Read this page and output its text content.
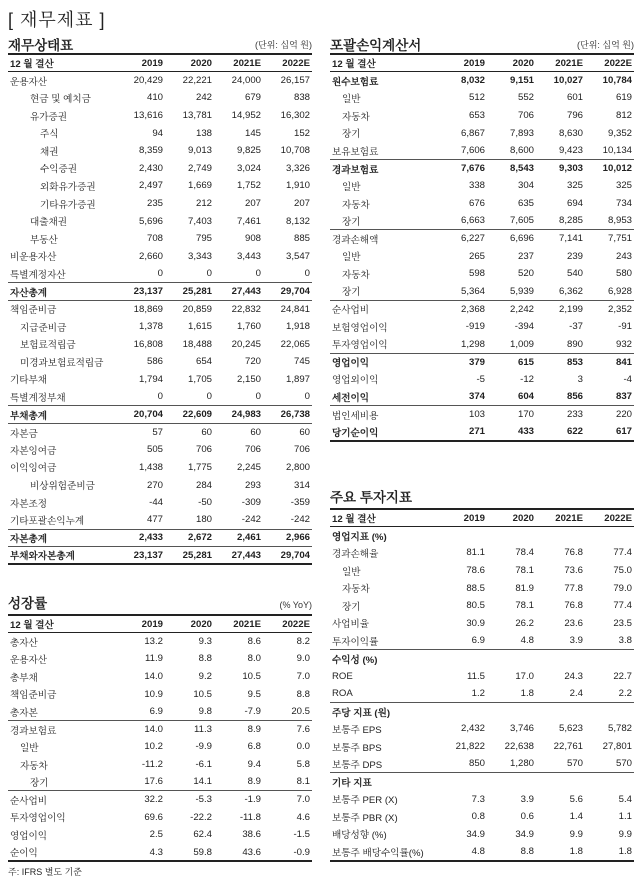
[ 재무제표 ]
재무상태표	(단위: 십억 원)
12 월 결산	2019	2020	2021E	2022E
운용자산	20,429	22,221	24,000	26,157
현금 및 예치금	410	242	679	838
유가증권	13,616	13,781	14,952	16,302
주식	94	138	145	152
채권	8,359	9,013	9,825	10,708
수익증권	2,430	2,749	3,024	3,326
외화유가증권	2,497	1,669	1,752	1,910
기타유가증권	235	212	207	207
대출채권	5,696	7,403	7,461	8,132
부동산	708	795	908	885
비운용자산	2,660	3,343	3,443	3,547
특별계정자산	0	0	0	0
자산총계	23,137	25,281	27,443	29,704
책임준비금	18,869	20,859	22,832	24,841
지급준비금	1,378	1,615	1,760	1,918
보험료적립금	16,808	18,488	20,245	22,065
미경과보험료적립금	586	654	720	745
기타부채	1,794	1,705	2,150	1,897
특별계정부채	0	0	0	0
부채총계	20,704	22,609	24,983	26,738
자본금	57	60	60	60
자본잉여금	505	706	706	706
이익잉여금	1,438	1,775	2,245	2,800
비상위험준비금	270	284	293	314
자본조정	-44	-50	-309	-359
기타포괄손익누계	477	180	-242	-242
자본총계	2,433	2,672	2,461	2,966
부채와자본총계	23,137	25,281	27,443	29,704
성장률	(% YoY)
12 월 결산	2019	2020	2021E	2022E
총자산	13.2	9.3	8.6	8.2
운용자산	11.9	8.8	8.0	9.0
총부채	14.0	9.2	10.5	7.0
책임준비금	10.9	10.5	9.5	8.8
총자본	6.9	9.8	-7.9	20.5
경과보험료	14.0	11.3	8.9	7.6
일반	10.2	-9.9	6.8	0.0
자동차	-11.2	-6.1	9.4	5.8
장기	17.6	14.1	8.9	8.1
순사업비	32.2	-5.3	-1.9	7.0
투자영업이익	69.6	-22.2	-11.8	4.6
영업이익	2.5	62.4	38.6	-1.5
순이익	4.3	59.8	43.6	-0.9
포괄손익계산서	(단위: 십억 원)
12 월 결산	2019	2020	2021E	2022E
원수보험료	8,032	9,151	10,027	10,784
일반	512	552	601	619
자동차	653	706	796	812
장기	6,867	7,893	8,630	9,352
보유보험료	7,606	8,600	9,423	10,134
경과보험료	7,676	8,543	9,303	10,012
일반	338	304	325	325
자동차	676	635	694	734
장기	6,663	7,605	8,285	8,953
경과손해액	6,227	6,696	7,141	7,751
일반	265	237	239	243
자동차	598	520	540	580
장기	5,364	5,939	6,362	6,928
순사업비	2,368	2,242	2,199	2,352
보험영업이익	-919	-394	-37	-91
투자영업이익	1,298	1,009	890	932
영업이익	379	615	853	841
영업외이익	-5	-12	3	-4
세전이익	374	604	856	837
법인세비용	103	170	233	220
당기순이익	271	433	622	617
주요 투자지표
12 월 결산	2019	2020	2021E	2022E
영업지표 (%)				
경과손해율	81.1	78.4	76.8	77.4
일반	78.6	78.1	73.6	75.0
자동차	88.5	81.9	77.8	79.0
장기	80.5	78.1	76.8	77.4
사업비율	30.9	26.2	23.6	23.5
투자이익률	6.9	4.8	3.9	3.8
수익성 (%)				
ROE	11.5	17.0	24.3	22.7
ROA	1.2	1.8	2.4	2.2
주당 지표 (원)				
보통주 EPS	2,432	3,746	5,623	5,782
보통주 BPS	21,822	22,638	22,761	27,801
보통주 DPS	850	1,280	570	570
기타 지표				
보통주 PER (X)	7.3	3.9	5.6	5.4
보통주 PBR (X)	0.8	0.6	1.4	1.1
배당성향 (%)	34.9	34.9	9.9	9.9
보통주 배당수익률(%)	4.8	8.8	1.8	1.8
주: IFRS 별도 기준
